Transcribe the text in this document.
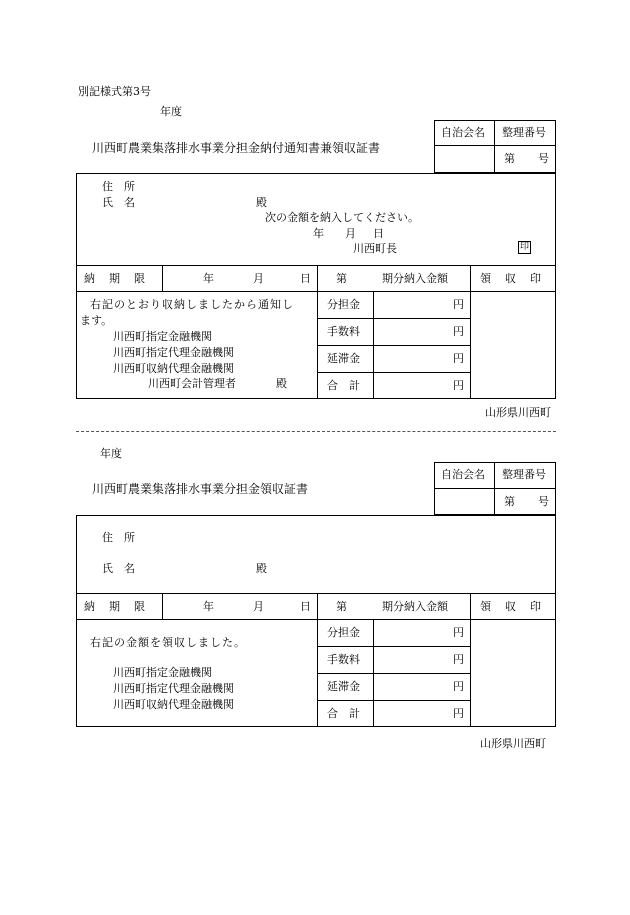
別記様式第3号
年度
川西町農業集落排水事業分担金納付通知書兼領収証書
自治会名 整理番号
第 号
住　所
氏　名	殿
次の金額を納入してください。
年 月 日
川西町長	印
納期限	年	月	日 第	期分納入金額	領収印
右記のとおり収納しましたから通知し
ます。
川西町指定金融機関
川西町指定代理金融機関
川西町収納代理金融機関
川西町会計管理者	殿
分担金	円
手数料	円
延滞金	円
合　計	円
山形県川西町
年度
川西町農業集落排水事業分担金領収証書
自治会名 整理番号
第 号
住　所
氏　名	殿
納期限	年	月	日 第	期分納入金額	領収印
右記の金額を領収しました。
川西町指定金融機関
川西町指定代理金融機関
川西町収納代理金融機関
分担金	円
手数料	円
延滞金	円
合　計	円
山形県川西町
